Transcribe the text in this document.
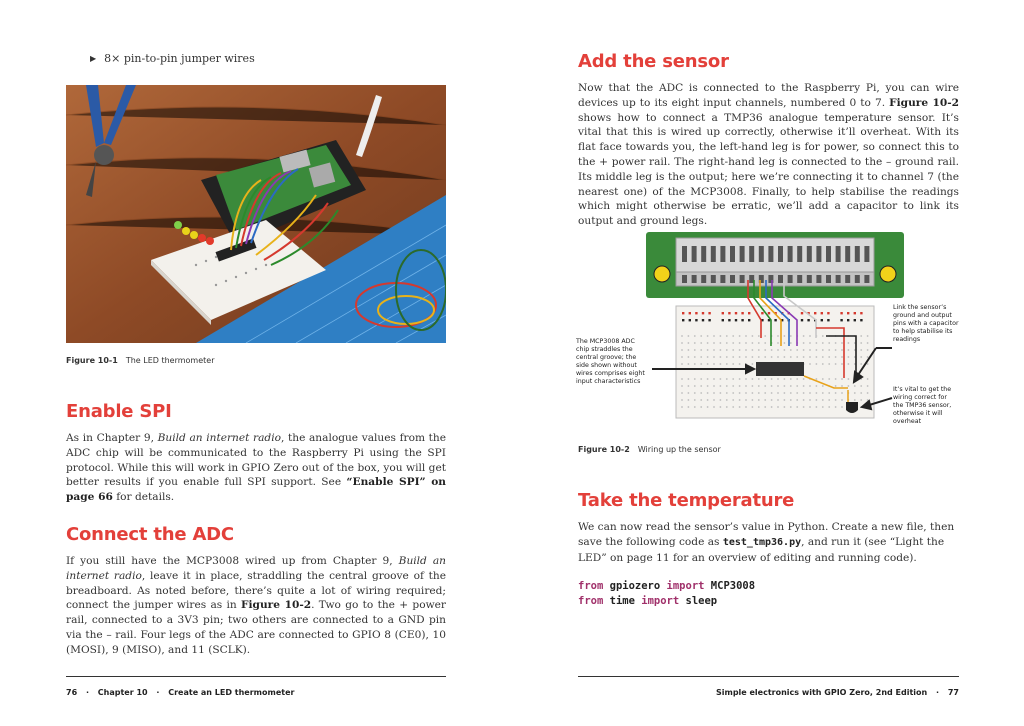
▶ 8× pin-to-pin jumper wires
Figure 10-1 The LED thermometer
Enable SPI

As in Chapter 9, Build an internet radio, the analogue values from the ADC chip will be communicated to the Raspberry Pi using the SPI protocol. While this will work in GPIO Zero out of the box, you will get better results if you enable full SPI support. See “Enable SPI” on page 66 for details.

Connect the ADC

If you still have the MCP3008 wired up from Chapter 9, Build an internet radio, leave it in place, straddling the central groove of the breadboard. As noted before, there’s quite a lot of wiring required; connect the jumper wires as in Figure 10-2. Two go to the + power rail, connected to a 3V3 pin; two others are connected to a GND pin via the – rail. Four legs of the ADC are connected to GPIO 8 (CE0), 10 (MOSI), 9 (MISO), and 11 (SCLK).

76 · Chapter 10 · Create an LED thermometer
Add the sensor

Now that the ADC is connected to the Raspberry Pi, you can wire devices up to its eight input channels, numbered 0 to 7. Figure 10-2 shows how to connect a TMP36 analogue temperature sensor. It’s vital that this is wired up correctly, otherwise it’ll overheat. With its flat face towards you, the left-hand leg is for power, so connect this to the + power rail. The right-hand leg is connected to the – ground rail. Its middle leg is the output; here we’re connecting it to channel 7 (the nearest one) of the MCP3008. Finally, to help stabilise the readings which might otherwise be erratic, we’ll add a capacitor to link its output and ground legs.

The MCP3008 ADC chip straddles the central groove; the side shown without wires comprises eight input characteristics
Link the sensor’s ground and output pins with a capacitor to help stabilise its readings
It’s vital to get the wiring correct for the TMP36 sensor, otherwise it will overheat
Figure 10-2 Wiring up the sensor
Take the temperature

We can now read the sensor’s value in Python. Create a new file, then save the following code as test_tmp36.py, and run it (see “Light the LED” on page 11 for an overview of editing and running code).

from gpiozero import MCP3008
from time import sleep
Simple electronics with GPIO Zero, 2nd Edition · 77
